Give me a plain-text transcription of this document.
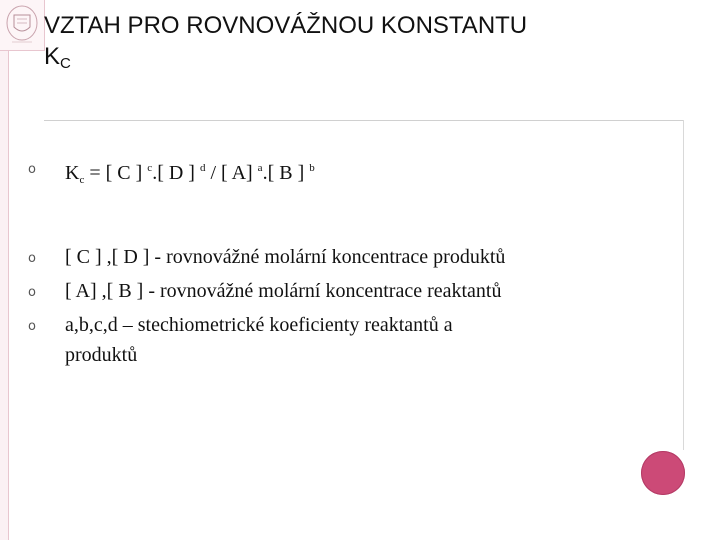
VZTAH PRO ROVNOVÁŽNOU KONSTANTU
KC
o $K_c$ = [ C ] $^c$.[ D ] $^d$ / [ A] $^a$.[ B ] $^b$
o [ C ] ,[ D ] - rovnovážné molární koncentrace produktů
o [ A] ,[ B ] - rovnovážné molární koncentrace reaktantů
o a,b,c,d – stechiometrické koeficienty reaktantů a
produktů
